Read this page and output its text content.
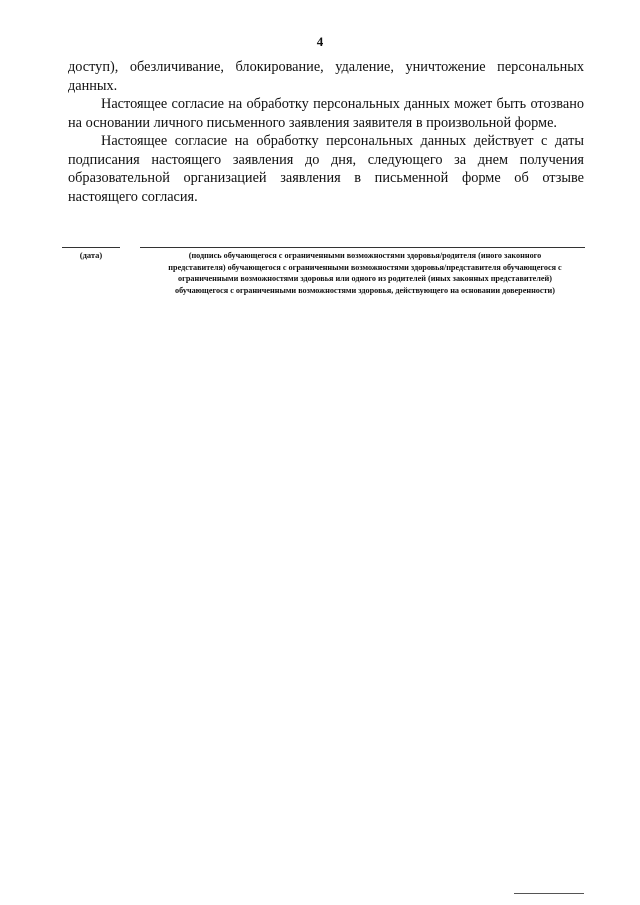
4

доступ), обезличивание, блокирование, удаление, уничтожение персональных данных.

Настоящее согласие на обработку персональных данных может быть отозвано на основании личного письменного заявления заявителя в произвольной форме.

Настоящее согласие на обработку персональных данных действует с даты подписания настоящего заявления до дня, следующего за днем получения образовательной организацией заявления в письменной форме об отзыве настоящего согласия.

(дата)	(подпись обучающегося с ограниченными возможностями здоровья/родителя (иного законного представителя) обучающегося с ограниченными возможностями здоровья/представителя обучающегося с ограниченными возможностями здоровья или одного из родителей (иных законных представителей) обучающегося с ограниченными возможностями здоровья, действующего на основании доверенности)
